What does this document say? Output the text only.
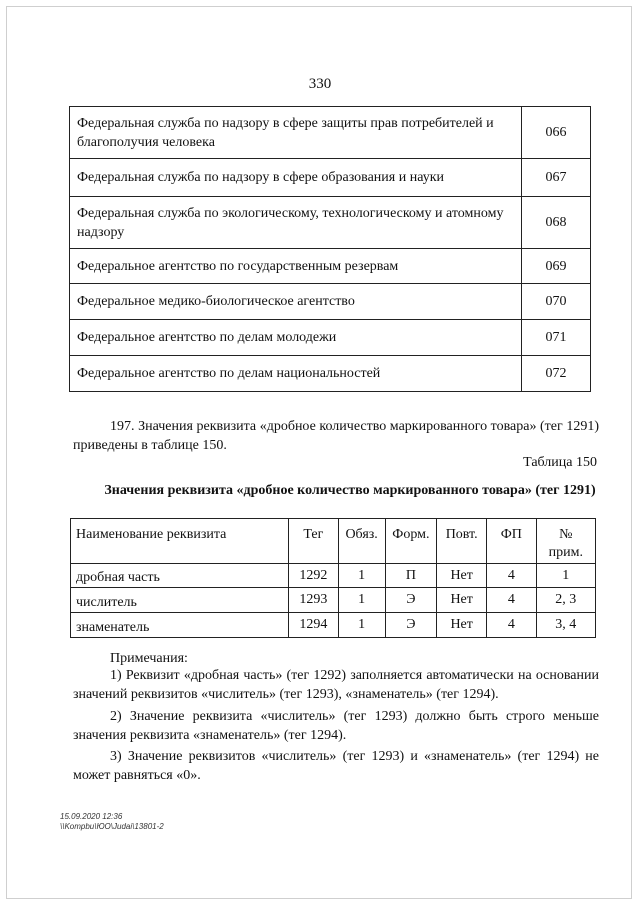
330
Федеральная служба по надзору в сфере защиты прав потребителей и благополучия человека	066
Федеральная служба по надзору в сфере образования и науки	067
Федеральная служба по экологическому, технологическому и атомному надзору	068
Федеральное агентство по государственным резервам	069
Федеральное медико-биологическое агентство	070
Федеральное агентство по делам молодежи	071
Федеральное агентство по делам национальностей	072
197. Значения реквизита «дробное количество маркированного товара» (тег 1291) приведены в таблице 150.
Таблица 150
Значения реквизита «дробное количество маркированного товара» (тег 1291)
Наименование реквизита	Тег	Обяз.	Форм.	Повт.	ФП	№ прим.
дробная часть	1292	1	П	Нет	4	1
числитель	1293	1	Э	Нет	4	2, 3
знаменатель	1294	1	Э	Нет	4	3, 4
Примечания:
1) Реквизит «дробная часть» (тег 1292) заполняется автоматически на основании значений реквизитов «числитель» (тег 1293), «знаменатель» (тег 1294).
2) Значение реквизита «числитель» (тег 1293) должно быть строго меньше значения реквизита «знаменатель» (тег 1294).
3) Значение реквизитов «числитель» (тег 1293) и «знаменатель» (тег 1294) не может равняться «0».
15.09.2020 12:36
\\Kompbu\ЮО\Judai\13801-2
